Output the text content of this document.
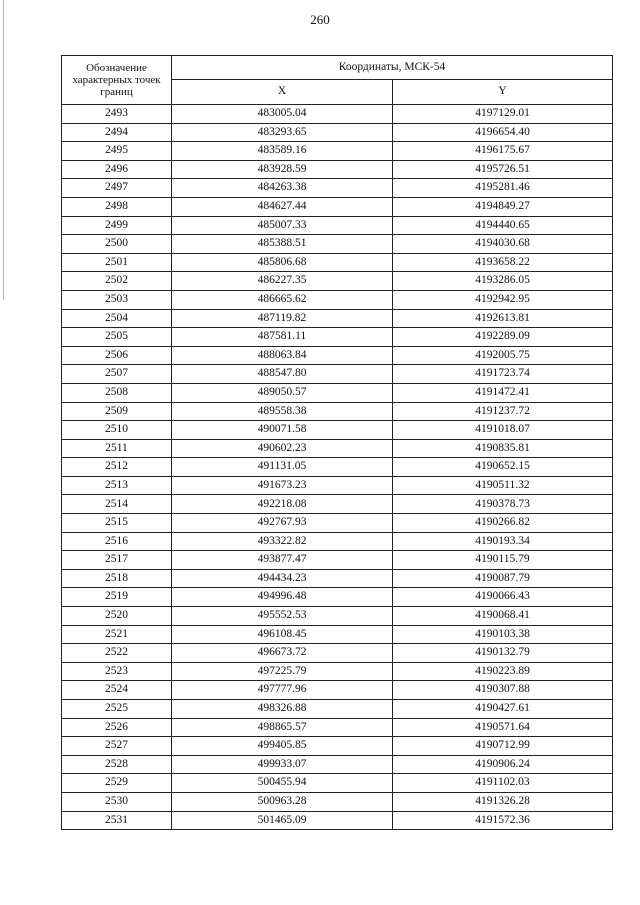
260
Обозначение характерных точек границ	Координаты, МСК-54	
	X	Y
2493	483005.04	4197129.01
2494	483293.65	4196654.40
2495	483589.16	4196175.67
2496	483928.59	4195726.51
2497	484263.38	4195281.46
2498	484627.44	4194849.27
2499	485007.33	4194440.65
2500	485388.51	4194030.68
2501	485806.68	4193658.22
2502	486227.35	4193286.05
2503	486665.62	4192942.95
2504	487119.82	4192613.81
2505	487581.11	4192289.09
2506	488063.84	4192005.75
2507	488547.80	4191723.74
2508	489050.57	4191472.41
2509	489558.38	4191237.72
2510	490071.58	4191018.07
2511	490602.23	4190835.81
2512	491131.05	4190652.15
2513	491673.23	4190511.32
2514	492218.08	4190378.73
2515	492767.93	4190266.82
2516	493322.82	4190193.34
2517	493877.47	4190115.79
2518	494434.23	4190087.79
2519	494996.48	4190066.43
2520	495552.53	4190068.41
2521	496108.45	4190103.38
2522	496673.72	4190132.79
2523	497225.79	4190223.89
2524	497777.96	4190307.88
2525	498326.88	4190427.61
2526	498865.57	4190571.64
2527	499405.85	4190712.99
2528	499933.07	4190906.24
2529	500455.94	4191102.03
2530	500963.28	4191326.28
2531	501465.09	4191572.36
